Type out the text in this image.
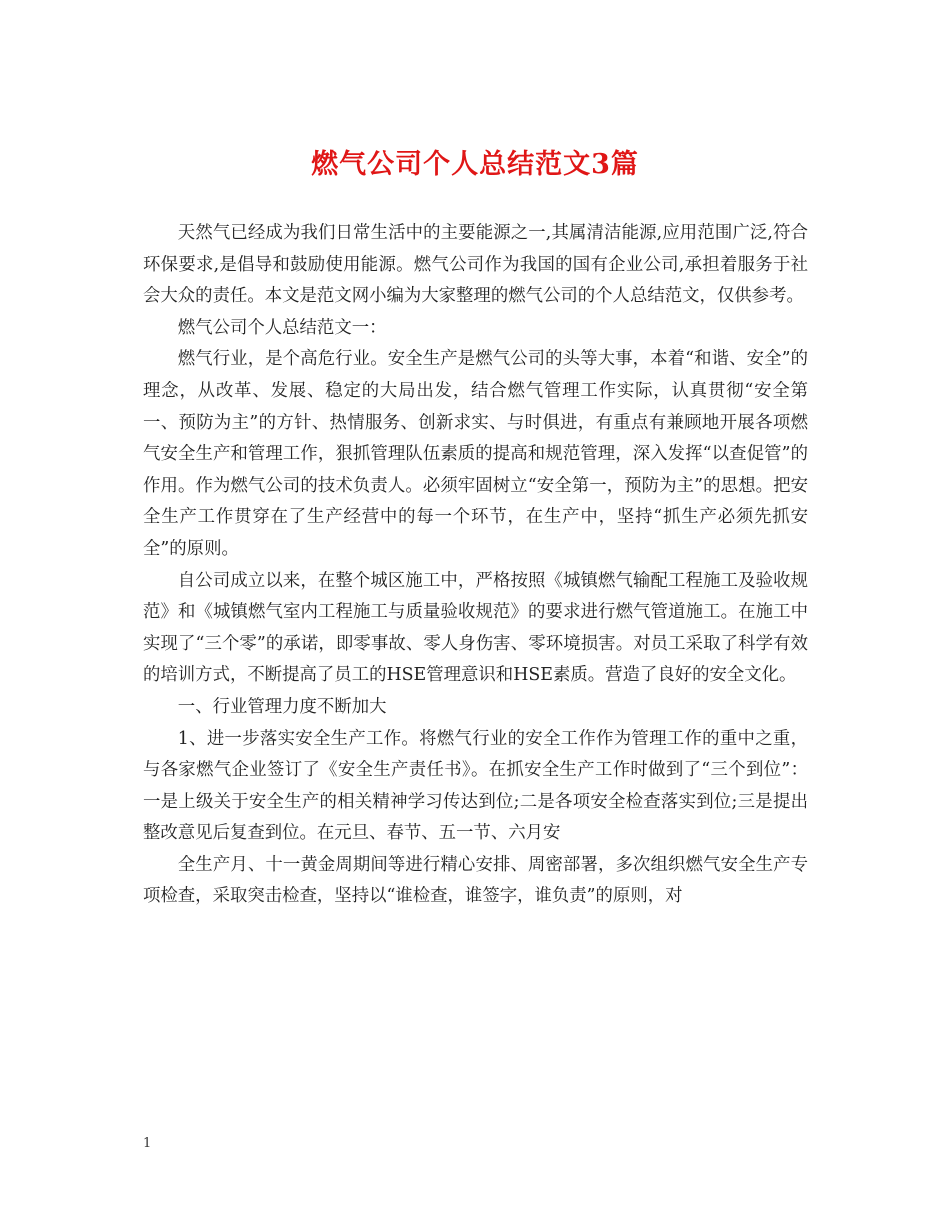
燃气公司个人总结范文3篇

天然气已经成为我们日常生活中的主要能源之一,其属清洁能源,应用范围广泛,符合环保要求,是倡导和鼓励使用能源。燃气公司作为我国的国有企业公司,承担着服务于社会大众的责任。本文是范文网小编为大家整理的燃气公司的个人总结范文，仅供参考。

燃气公司个人总结范文一：

燃气行业，是个高危行业。安全生产是燃气公司的头等大事，本着“和谐、安全”的理念，从改革、发展、稳定的大局出发，结合燃气管理工作实际，认真贯彻“安全第一、预防为主”的方针、热情服务、创新求实、与时俱进，有重点有兼顾地开展各项燃气安全生产和管理工作，狠抓管理队伍素质的提高和规范管理，深入发挥“以查促管”的作用。作为燃气公司的技术负责人。必须牢固树立“安全第一，预防为主”的思想。把安全生产工作贯穿在了生产经营中的每一个环节，在生产中，坚持“抓生产必须先抓安全”的原则。

自公司成立以来，在整个城区施工中，严格按照《城镇燃气输配工程施工及验收规范》和《城镇燃气室内工程施工与质量验收规范》的要求进行燃气管道施工。在施工中实现了“三个零”的承诺，即零事故、零人身伤害、零环境损害。对员工采取了科学有效的培训方式，不断提高了员工的HSE管理意识和HSE素质。营造了良好的安全文化。

一、行业管理力度不断加大

1、进一步落实安全生产工作。将燃气行业的安全工作作为管理工作的重中之重，与各家燃气企业签订了《安全生产责任书》。在抓安全生产工作时做到了“三个到位”：一是上级关于安全生产的相关精神学习传达到位;二是各项安全检查落实到位;三是提出整改意见后复查到位。在元旦、春节、五一节、六月安

全生产月、十一黄金周期间等进行精心安排、周密部署，多次组织燃气安全生产专项检查，采取突击检查，坚持以“谁检查，谁签字，谁负责”的原则，对

1
